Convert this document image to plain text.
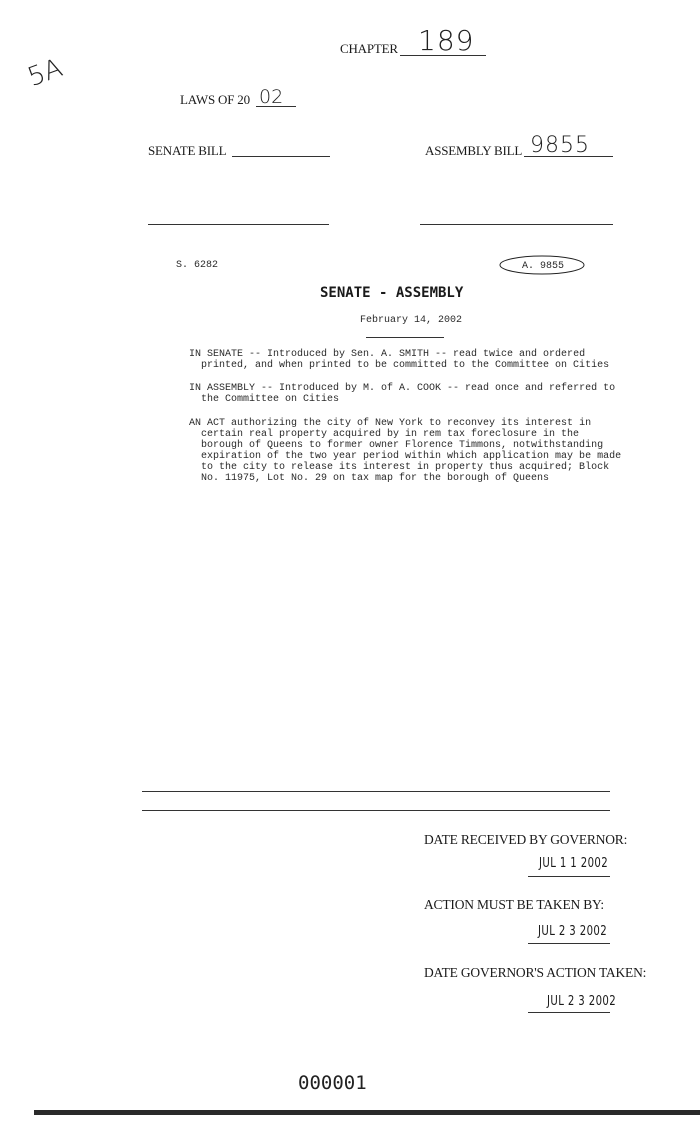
5A
CHAPTER 189
LAWS OF 20 02
SENATE BILL	ASSEMBLY BILL 9855
S. 6282	A. 9855
SENATE - ASSEMBLY
February 14, 2002
IN SENATE -- Introduced by Sen. A. SMITH -- read twice and ordered
printed, and when printed to be committed to the Committee on Cities
IN ASSEMBLY -- Introduced by M. of A. COOK -- read once and referred to
the Committee on Cities
AN ACT authorizing the city of New York to reconvey its interest in
certain real property acquired by in rem tax foreclosure in the
borough of Queens to former owner Florence Timmons, notwithstanding
expiration of the two year period within which application may be made
to the city to release its interest in property thus acquired; Block
No. 11975, Lot No. 29 on tax map for the borough of Queens
DATE RECEIVED BY GOVERNOR:
JUL 1 1 2002
ACTION MUST BE TAKEN BY:
JUL 2 3 2002
DATE GOVERNOR'S ACTION TAKEN:
JUL 2 3 2002
000001
